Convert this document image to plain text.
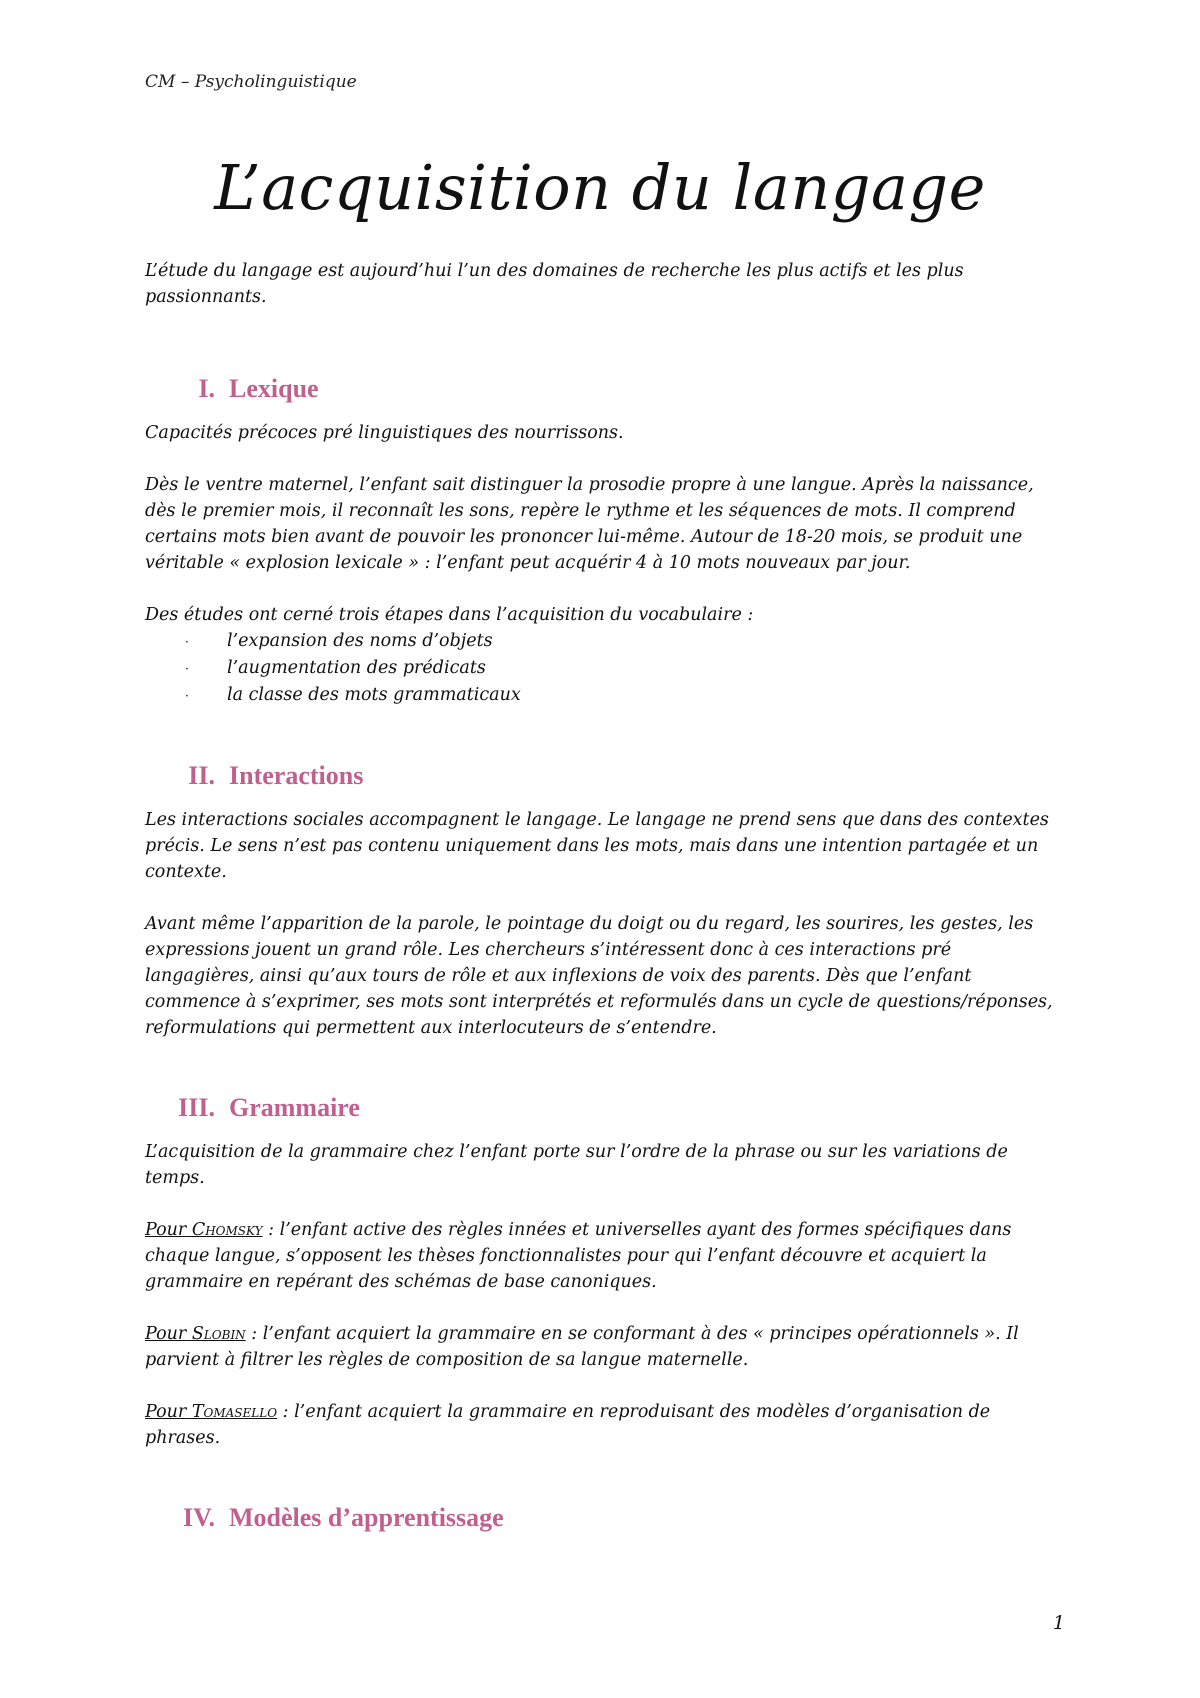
CM – Psycholinguistique
L’acquisition du langage

L’étude du langage est aujourd’hui l’un des domaines de recherche les plus actifs et les plus passionnants.

I. Lexique

Capacités précoces pré linguistiques des nourrissons.

Dès le ventre maternel, l’enfant sait distinguer la prosodie propre à une langue. Après la naissance, dès le premier mois, il reconnaît les sons, repère le rythme et les séquences de mots. Il comprend certains mots bien avant de pouvoir les prononcer lui-même. Autour de 18-20 mois, se produit une véritable « explosion lexicale » : l’enfant peut acquérir 4 à 10 mots nouveaux par jour.

Des études ont cerné trois étapes dans l’acquisition du vocabulaire :

·	l’expansion des noms d’objets
·	l’augmentation des prédicats
·	la classe des mots grammaticaux
II. Interactions

Les interactions sociales accompagnent le langage. Le langage ne prend sens que dans des contextes précis. Le sens n’est pas contenu uniquement dans les mots, mais dans une intention partagée et un contexte.

Avant même l’apparition de la parole, le pointage du doigt ou du regard, les sourires, les gestes, les expressions jouent un grand rôle. Les chercheurs s’intéressent donc à ces interactions pré langagières, ainsi qu’aux tours de rôle et aux inflexions de voix des parents. Dès que l’enfant commence à s’exprimer, ses mots sont interprétés et reformulés dans un cycle de questions/réponses, reformulations qui permettent aux interlocuteurs de s’entendre.

III. Grammaire

L’acquisition de la grammaire chez l’enfant porte sur l’ordre de la phrase ou sur les variations de temps.

Pour Chomsky : l’enfant active des règles innées et universelles ayant des formes spécifiques dans chaque langue, s’opposent les thèses fonctionnalistes pour qui l’enfant découvre et acquiert la grammaire en repérant des schémas de base canoniques.

Pour Slobin : l’enfant acquiert la grammaire en se conformant à des « principes opérationnels ». Il parvient à filtrer les règles de composition de sa langue maternelle.

Pour Tomasello : l’enfant acquiert la grammaire en reproduisant des modèles d’organisation de phrases.

IV. Modèles d’apprentissage
1
